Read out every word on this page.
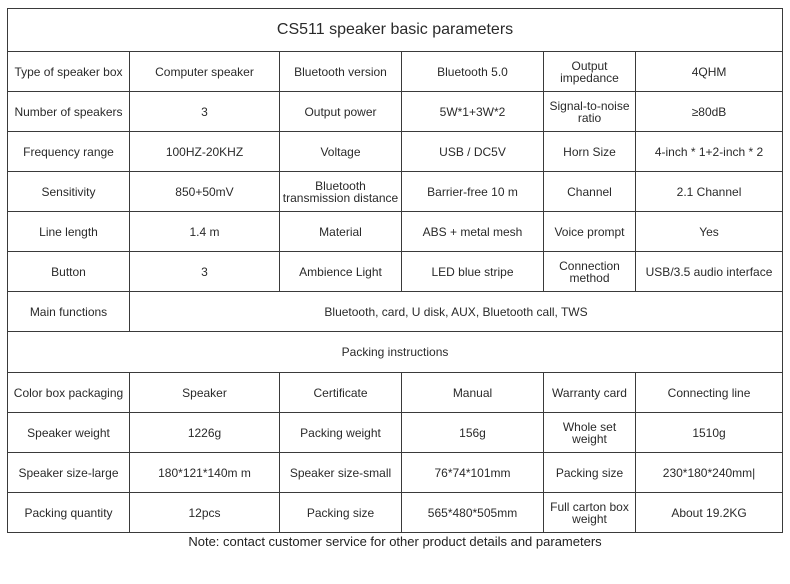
CS511 speaker basic parameters					
Type of speaker box	Computer speaker	Bluetooth version	Bluetooth 5.0	Output impedance	4QHM
Number of speakers	3	Output power	5W*1+3W*2	Signal-to-noise ratio	≥80dB
Frequency range	100HZ-20KHZ	Voltage	USB / DC5V	Horn Size	4-inch * 1+2-inch * 2
Sensitivity	850+50mV	Bluetooth transmission distance	Barrier-free 10 m	Channel	2.1 Channel
Line length	1.4 m	Material	ABS + metal mesh	Voice prompt	Yes
Button	3	Ambience Light	LED blue stripe	Connection method	USB/3.5 audio interface
Main functions	Bluetooth, card, U disk, AUX, Bluetooth call, TWS				
Packing instructions					
Color box packaging	Speaker	Certificate	Manual	Warranty card	Connecting line
Speaker weight	1226g	Packing weight	156g	Whole set weight	1510g
Speaker size-large	180*121*140m m	Speaker size-small	76*74*101mm	Packing size	230*180*240mm|
Packing quantity	12pcs	Packing size	565*480*505mm	Full carton box weight	About 19.2KG
Note: contact customer service for other product details and parameters
